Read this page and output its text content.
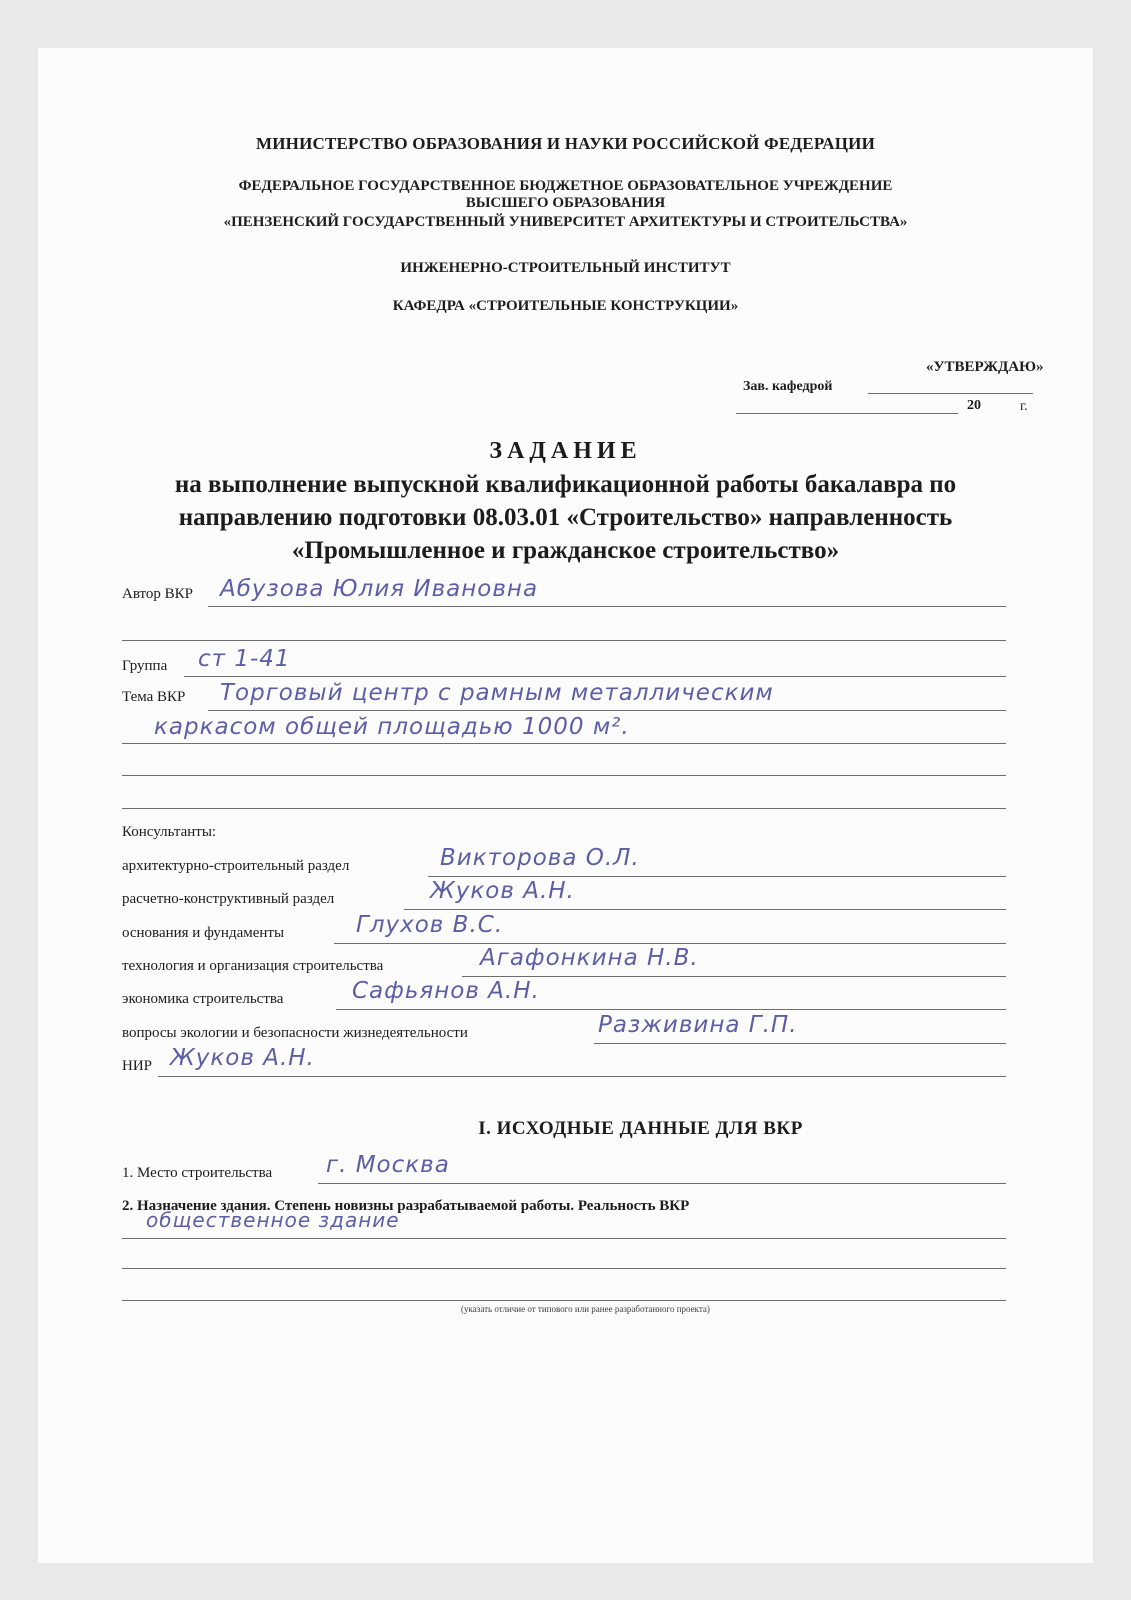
МИНИСТЕРСТВО ОБРАЗОВАНИЯ И НАУКИ РОССИЙСКОЙ ФЕДЕРАЦИИ
ФЕДЕРАЛЬНОЕ ГОСУДАРСТВЕННОЕ БЮДЖЕТНОЕ ОБРАЗОВАТЕЛЬНОЕ УЧРЕЖДЕНИЕ
ВЫСШЕГО ОБРАЗОВАНИЯ
«ПЕНЗЕНСКИЙ ГОСУДАРСТВЕННЫЙ УНИВЕРСИТЕТ АРХИТЕКТУРЫ И СТРОИТЕЛЬСТВА»
ИНЖЕНЕРНО-СТРОИТЕЛЬНЫЙ ИНСТИТУТ
КАФЕДРА «СТРОИТЕЛЬНЫЕ КОНСТРУКЦИИ»
«УТВЕРЖДАЮ»
Зав. кафедрой
20	г.
ЗАДАНИЕ
на выполнение выпускной квалификационной работы бакалавра по
направлению подготовки 08.03.01 «Строительство» направленность
«Промышленное и гражданское строительство»
Автор ВКР Абузова Юлия Ивановна
Группа ст 1-41
Тема ВКР Торговый центр с рамным металлическим
каркасом общей площадью 1000 м².
Консультанты:
архитектурно-строительный раздел	Викторова О.Л.
расчетно-конструктивный раздел	Жуков А.Н.
основания и фундаменты	Глухов В.С.
технология и организация строительства	Агафонкина Н.В.
экономика строительства	Сафьянов А.Н.
вопросы экологии и безопасности жизнедеятельности	Разживина Г.П.
НИР Жуков А.Н.
I. ИСХОДНЫЕ ДАННЫЕ ДЛЯ ВКР
1. Место строительства г. Москва
2. Назначение здания. Степень новизны разрабатываемой работы. Реальность ВКР
общественное здание
(указать отличие от типового или ранее разработанного проекта)
